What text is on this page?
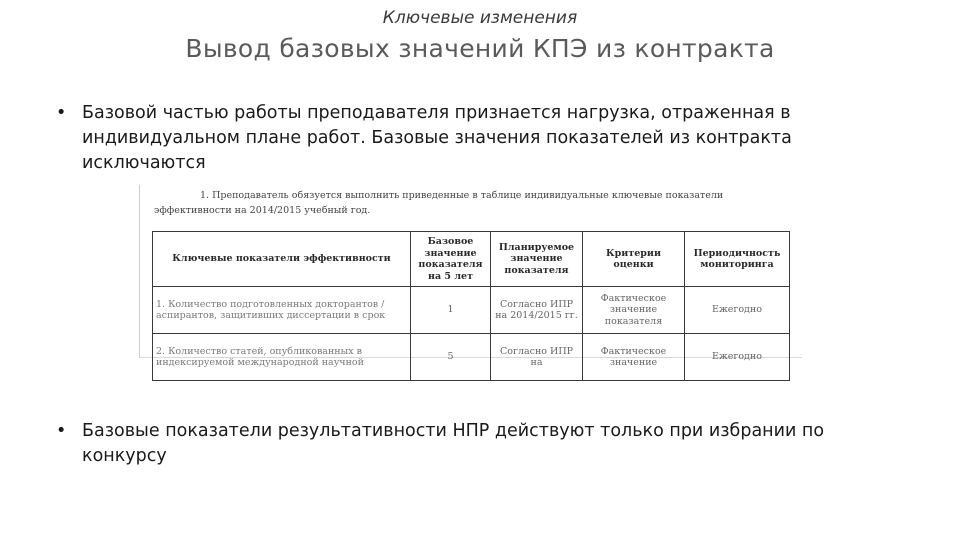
Ключевые изменения
Вывод базовых значений КПЭ из контракта
• Базовой частью работы преподавателя признается нагрузка, отраженная в индивидуальном плане работ. Базовые значения показателей из контракта исключаются
1. Преподаватель обязуется выполнить приведенные в таблице индивидуальные ключевые показатели
эффективности на 2014/2015 учебный год.
Ключевые показатели эффективности	Базовое значение показателя на 5 лет	Планируемое значение показателя	Критерии оценки	Периодичность мониторинга
1. Количество подготовленных докторантов / аспирантов, защитивших диссертации в срок	1	Согласно ИПР на 2014/2015 гг.	Фактическое значение показателя	Ежегодно
2. Количество статей, опубликованных в индексируемой международной научной	5	Согласно ИПР на	Фактическое значение	Ежегодно
• Базовые показатели результативности НПР действуют только при избрании по конкурсу
